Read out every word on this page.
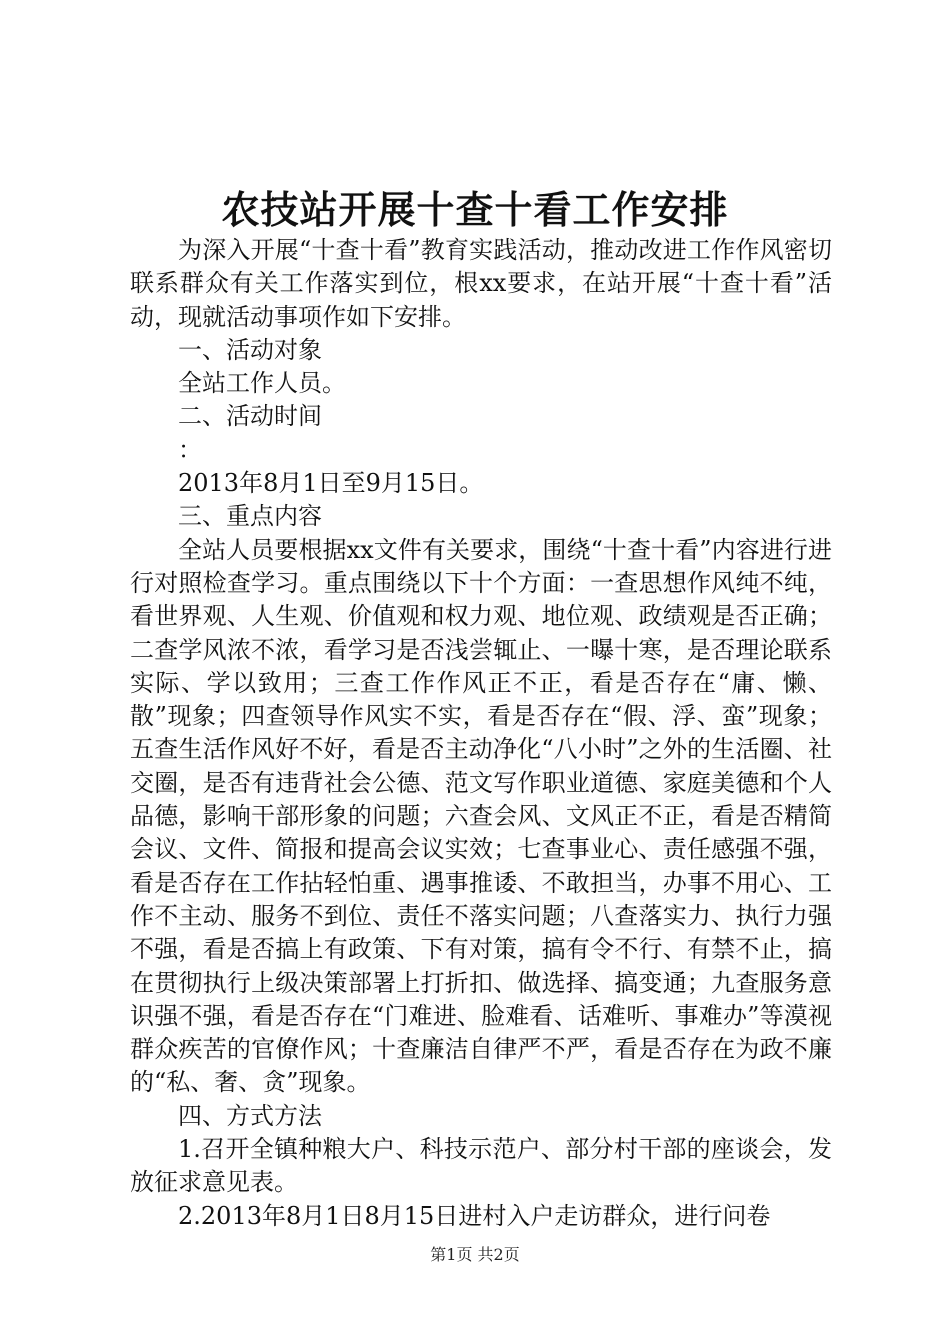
农技站开展十查十看工作安排

为深入开展“十查十看”教育实践活动，推动改进工作作风密切联系群众有关工作落实到位，根xx要求，在站开展“十查十看”活动，现就活动事项作如下安排。

一、活动对象

全站工作人员。

二、活动时间

：

2013年8月1日至9月15日。

三、重点内容

全站人员要根据xx文件有关要求，围绕“十查十看”内容进行进行对照检查学习。重点围绕以下十个方面：一查思想作风纯不纯，看世界观、人生观、价值观和权力观、地位观、政绩观是否正确；二查学风浓不浓，看学习是否浅尝辄止、一曝十寒，是否理论联系实际、学以致用；三查工作作风正不正，看是否存在“庸、懒、散”现象；四查领导作风实不实，看是否存在“假、浮、蛮”现象；五查生活作风好不好，看是否主动净化“八小时”之外的生活圈、社交圈，是否有违背社会公德、范文写作职业道德、家庭美德和个人品德，影响干部形象的问题；六查会风、文风正不正，看是否精简会议、文件、简报和提高会议实效；七查事业心、责任感强不强，看是否存在工作拈轻怕重、遇事推诿、不敢担当，办事不用心、工作不主动、服务不到位、责任不落实问题；八查落实力、执行力强不强，看是否搞上有政策、下有对策，搞有令不行、有禁不止，搞在贯彻执行上级决策部署上打折扣、做选择、搞变通；九查服务意识强不强，看是否存在“门难进、脸难看、话难听、事难办”等漠视群众疾苦的官僚作风；十查廉洁自律严不严，看是否存在为政不廉的“私、奢、贪”现象。

四、方式方法

1.召开全镇种粮大户、科技示范户、部分村干部的座谈会，发放征求意见表。

2.2013年8月1日8月15日进村入户走访群众，进行问卷

第1页 共2页
